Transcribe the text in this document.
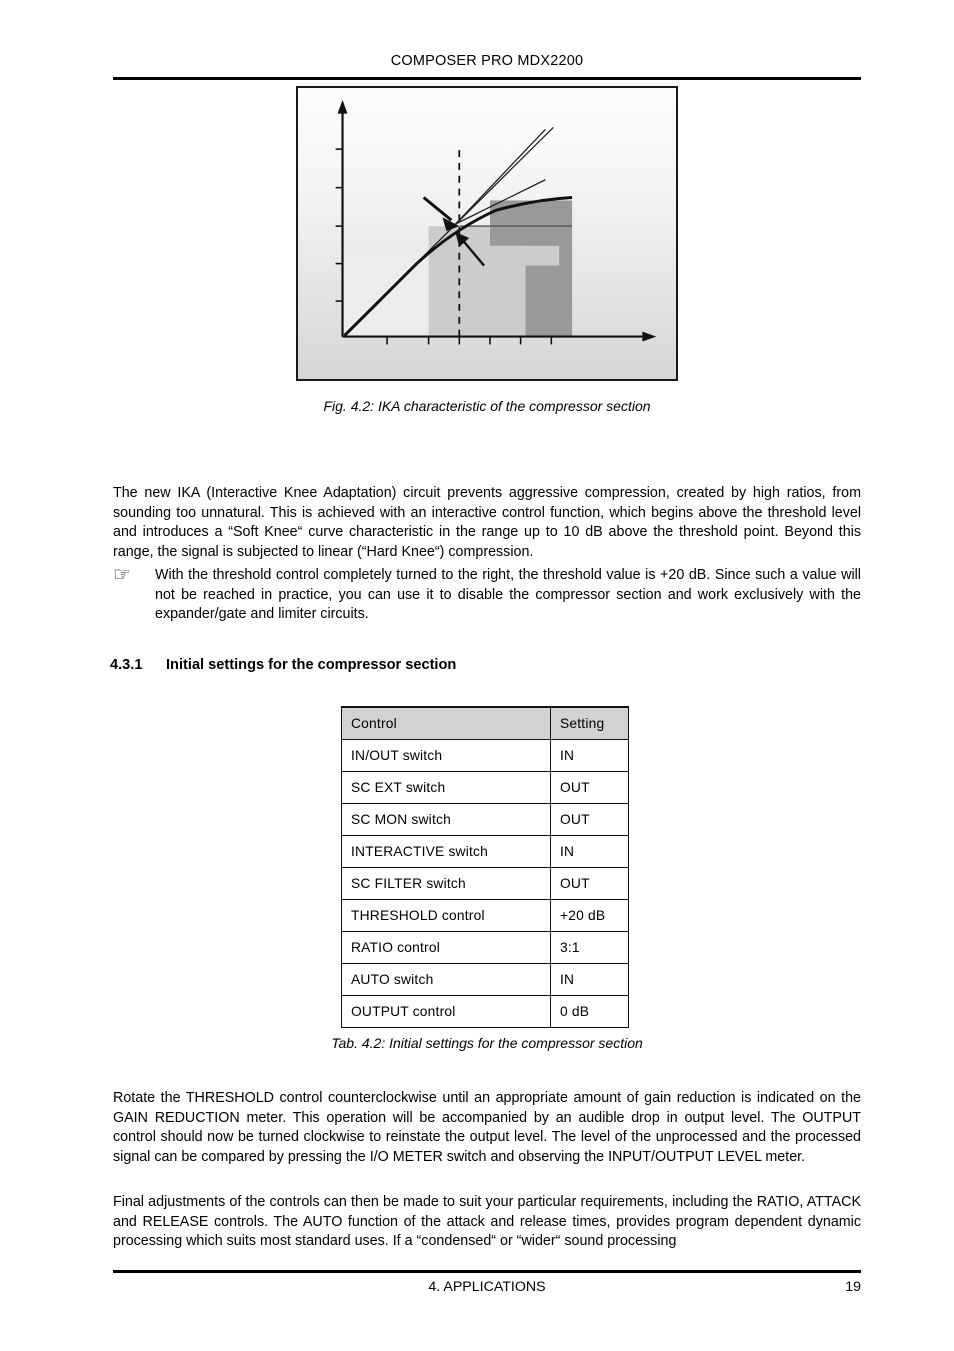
COMPOSER PRO MDX2200
Fig. 4.2: IKA characteristic of the compressor section
The new IKA (Interactive Knee Adaptation) circuit prevents aggressive compression, created by high ratios, from sounding too unnatural. This is achieved with an interactive control function, which begins above the threshold level and introduces a “Soft Knee“ curve characteristic in the range up to 10 dB above the threshold point. Beyond this range, the signal is subjected to linear (“Hard Knee“) compression.
☞	With the threshold control completely turned to the right, the threshold value is +20 dB. Since such a value will not be reached in practice, you can use it to disable the compressor section and work exclusively with the expander/gate and limiter circuits.
4.3.1 Initial settings for the compressor section
Control	Setting
IN/OUT switch	IN
SC EXT switch	OUT
SC MON switch	OUT
INTERACTIVE switch	IN
SC FILTER switch	OUT
THRESHOLD control	+20 dB
RATIO control	3:1
AUTO switch	IN
OUTPUT control	0 dB
Tab. 4.2: Initial settings for the compressor section
Rotate the THRESHOLD control counterclockwise until an appropriate amount of gain reduction is indicated on the GAIN REDUCTION meter. This operation will be accompanied by an audible drop in output level. The OUTPUT control should now be turned clockwise to reinstate the output level. The level of the unprocessed and the processed signal can be compared by pressing the I/O METER switch and observing the INPUT/OUTPUT LEVEL meter.
Final adjustments of the controls can then be made to suit your particular requirements, including the RATIO, ATTACK and RELEASE controls. The AUTO function of the attack and release times, provides program dependent dynamic processing which suits most standard uses. If a “condensed“ or “wider“ sound processing
4. APPLICATIONS	19
